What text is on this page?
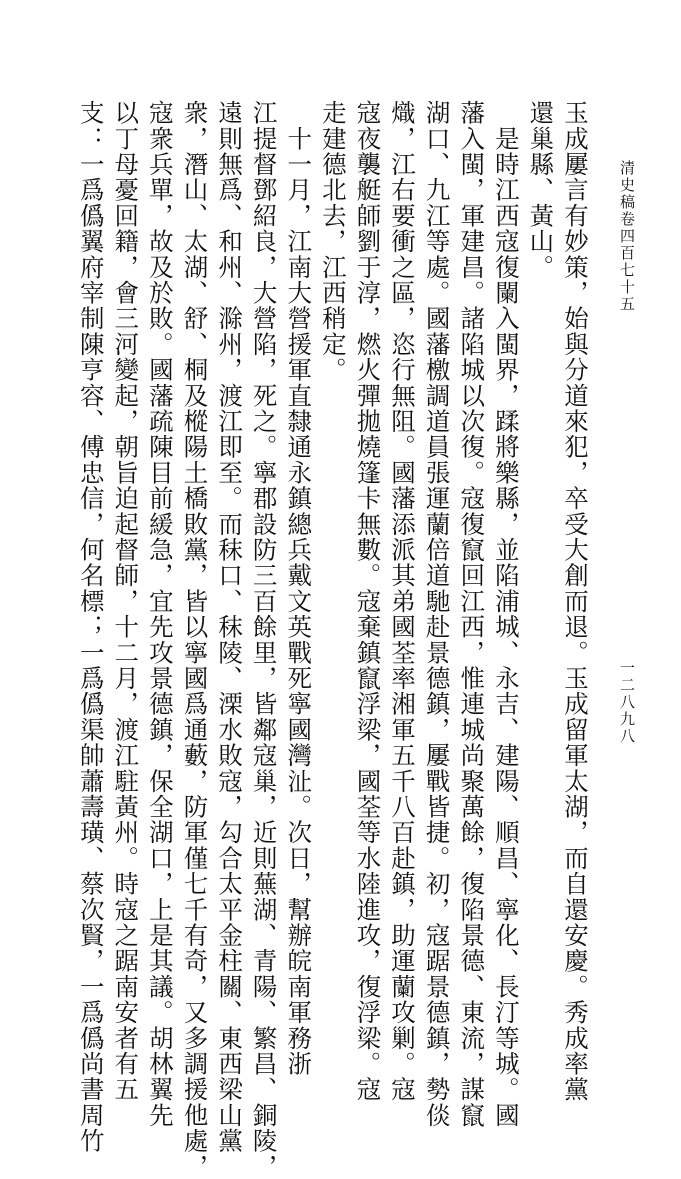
清史稿卷四百七十五
一二八九八
玉成屢言有妙策，始與分道來犯，卒受大創而退。玉成留軍太湖，而自還安慶。秀成率黨
還巢縣、黃山。
　是時江西寇復闌入閩界，蹂將樂縣，並陷浦城、永吉、建陽、順昌、寧化、長汀等城。國
藩入閩，軍建昌。諸陷城以次復。寇復竄回江西，惟連城尚聚萬餘，復陷景德、東流，謀竄
湖口、九江等處。國藩檄調道員張運蘭倍道馳赴景德鎮，屢戰皆捷。初，寇踞景德鎮，勢倓
熾，江右要衝之區，恣行無阻。國藩添派其弟國荃率湘軍五千八百赴鎮，助運蘭攻剿。寇
寇夜襲艇師劉于淳，燃火彈拋燒篷卡無數。寇棄鎮竄浮梁，國荃等水陸進攻，復浮梁。寇
走建德北去，江西稍定。
　十一月，江南大營援軍直隸通永鎮總兵戴文英戰死寧國灣沚。次日，幫辦皖南軍務浙
江提督鄧紹良，大營陷，死之。寧郡設防三百餘里，皆鄰寇巢，近則蕪湖、青陽、繁昌、銅陵，
遠則無爲、和州、滁州，渡江即至。而秣口、秣陵、溧水敗寇，勾合太平金柱關、東西梁山黨
衆，潛山、太湖、舒、桐及樅陽土橋敗黨，皆以寧國爲通藪，防軍僅七千有奇，又多調援他處，
寇衆兵單，故及於敗。國藩疏陳目前緩急，宜先攻景德鎮，保全湖口，上是其議。胡林翼先
以丁母憂回籍，會三河變起，朝旨迫起督師，十二月，渡江駐黃州。時寇之踞南安者有五
支：一爲僞翼府宰制陳亨容、傅忠信，何名標；一爲僞渠帥蕭壽璜、蔡次賢，一爲僞尚書周竹
